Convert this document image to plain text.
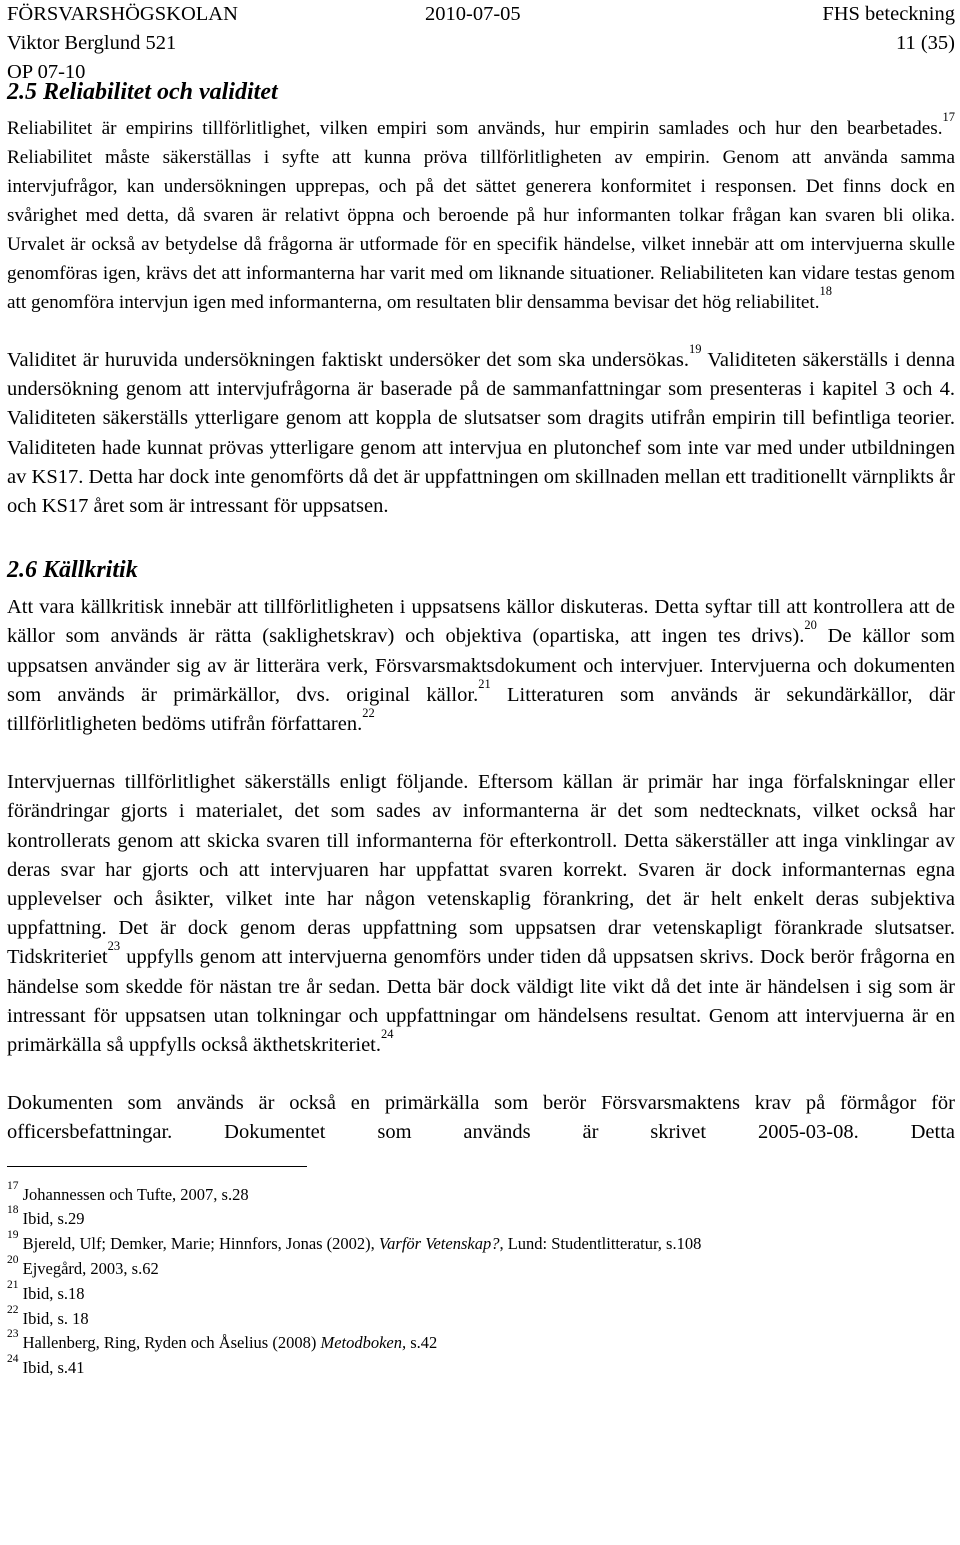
FÖRSVARSHÖGSKOLAN	2010-07-05	FHS beteckning
Viktor Berglund 521	11 (35)
OP 07-10
2.5 Reliabilitet och validitet

Reliabilitet är empirins tillförlitlighet, vilken empiri som används, hur empirin samlades och hur den bearbetades.$^{17}$ Reliabilitet måste säkerställas i syfte att kunna pröva tillförlitligheten av empirin. Genom att använda samma intervjufrågor, kan undersökningen upprepas, och på det sättet generera konformitet i responsen. Det finns dock en svårighet med detta, då svaren är relativt öppna och beroende på hur informanten tolkar frågan kan svaren bli olika. Urvalet är också av betydelse då frågorna är utformade för en specifik händelse, vilket innebär att om intervjuerna skulle genomföras igen, krävs det att informanterna har varit med om liknande situationer. Reliabiliteten kan vidare testas genom att genomföra intervjun igen med informanterna, om resultaten blir densamma bevisar det hög reliabilitet.$^{18}$

Validitet är huruvida undersökningen faktiskt undersöker det som ska undersökas.$^{19}$ Validiteten säkerställs i denna undersökning genom att intervjufrågorna är baserade på de sammanfattningar som presenteras i kapitel 3 och 4. Validiteten säkerställs ytterligare genom att koppla de slutsatser som dragits utifrån empirin till befintliga teorier. Validiteten hade kunnat prövas ytterligare genom att intervjua en plutonchef som inte var med under utbildningen av KS17. Detta har dock inte genomförts då det är uppfattningen om skillnaden mellan ett traditionellt värnplikts år och KS17 året som är intressant för uppsatsen.

2.6 Källkritik

Att vara källkritisk innebär att tillförlitligheten i uppsatsens källor diskuteras. Detta syftar till att kontrollera att de källor som används är rätta (saklighetskrav) och objektiva (opartiska, att ingen tes drivs).$^{20}$ De källor som uppsatsen använder sig av är litterära verk, Försvarsmaktsdokument och intervjuer. Intervjuerna och dokumenten som används är primärkällor, dvs. original källor.$^{21}$ Litteraturen som används är sekundärkällor, där tillförlitligheten bedöms utifrån författaren.$^{22}$

Intervjuernas tillförlitlighet säkerställs enligt följande. Eftersom källan är primär har inga förfalskningar eller förändringar gjorts i materialet, det som sades av informanterna är det som nedtecknats, vilket också har kontrollerats genom att skicka svaren till informanterna för efterkontroll. Detta säkerställer att inga vinklingar av deras svar har gjorts och att intervjuaren har uppfattat svaren korrekt. Svaren är dock informanternas egna upplevelser och åsikter, vilket inte har någon vetenskaplig förankring, det är helt enkelt deras subjektiva uppfattning. Det är dock genom deras uppfattning som uppsatsen drar vetenskapligt förankrade slutsatser. Tidskriteriet$^{23}$ uppfylls genom att intervjuerna genomförs under tiden då uppsatsen skrivs. Dock berör frågorna en händelse som skedde för nästan tre år sedan. Detta bär dock väldigt lite vikt då det inte är händelsen i sig som är intressant för uppsatsen utan tolkningar och uppfattningar om händelsens resultat. Genom att intervjuerna är en primärkälla så uppfylls också äkthetskriteriet.$^{24}$

Dokumenten som används är också en primärkälla som berör Försvarsmaktens krav på förmågor för officersbefattningar. Dokumentet som används är skrivet 2005-03-08. Detta

$^{17}$ Johannessen och Tufte, 2007, s.28
$^{18}$ Ibid, s.29
$^{19}$ Bjereld, Ulf; Demker, Marie; Hinnfors, Jonas (2002), Varför Vetenskap?, Lund: Studentlitteratur, s.108
$^{20}$ Ejvegård, 2003, s.62
$^{21}$ Ibid, s.18
$^{22}$ Ibid, s. 18
$^{23}$ Hallenberg, Ring, Ryden och Åselius (2008) Metodboken, s.42
$^{24}$ Ibid, s.41
